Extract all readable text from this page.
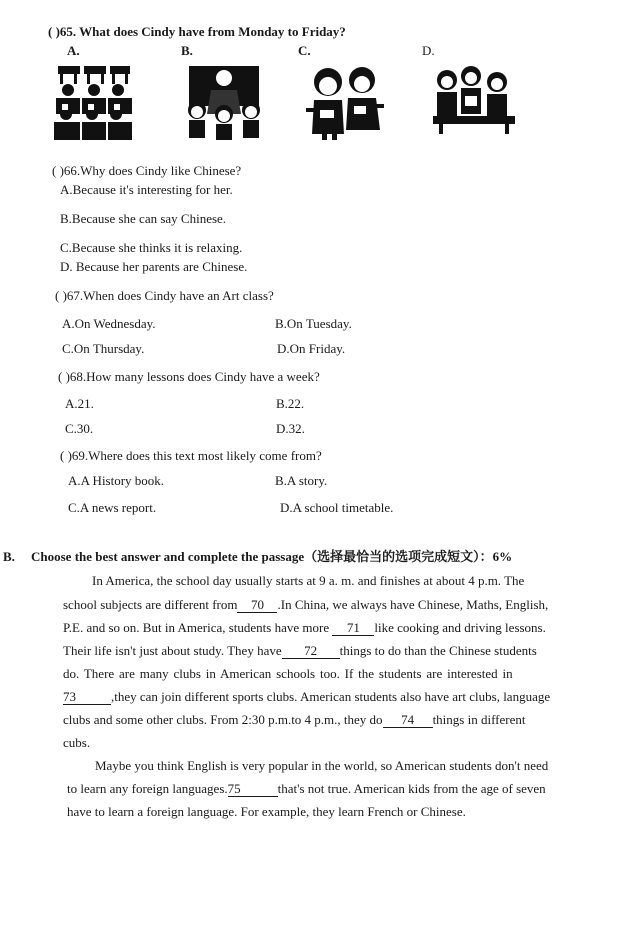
( )65. What does Cindy have from Monday to Friday?
A.	B.	C.	D.
( )66.Why does Cindy like Chinese?
A.Because it's interesting for her.
B.Because she can say Chinese.
C.Because she thinks it is relaxing.
D. Because her parents are Chinese.
( )67.When does Cindy have an Art class?
A.On Wednesday.	B.On Tuesday.
C.On Thursday.	D.On Friday.
( )68.How many lessons does Cindy have a week?
A.21.	B.22.
C.30.	D.32.
( )69.Where does this text most likely come from?
A.A History book.	B.A story.
C.A news report.	D.A school timetable.
B. Choose the best answer and complete the passage（选择最恰当的选项完成短文）：6%
In America, the school day usually starts at 9 a. m. and finishes at about 4 p.m. The
school subjects are different from 70 .In China, we always have Chinese, Maths, English,
P.E. and so on. But in America, students have more 71 like cooking and driving lessons.
Their life isn't just about study. They have 72 things to do than the Chinese students
do. There are many clubs in American schools too. If the students are interested in
73	,they can join different sports clubs. American students also have art clubs, language
clubs and some other clubs. From 2:30 p.m.to 4 p.m., they do 74 things in different
cubs.
Maybe you think English is very popular in the world, so American students don't need
to learn any foreign languages.75	that's not true. American kids from the age of seven
have to learn a foreign language. For example, they learn French or Chinese.
